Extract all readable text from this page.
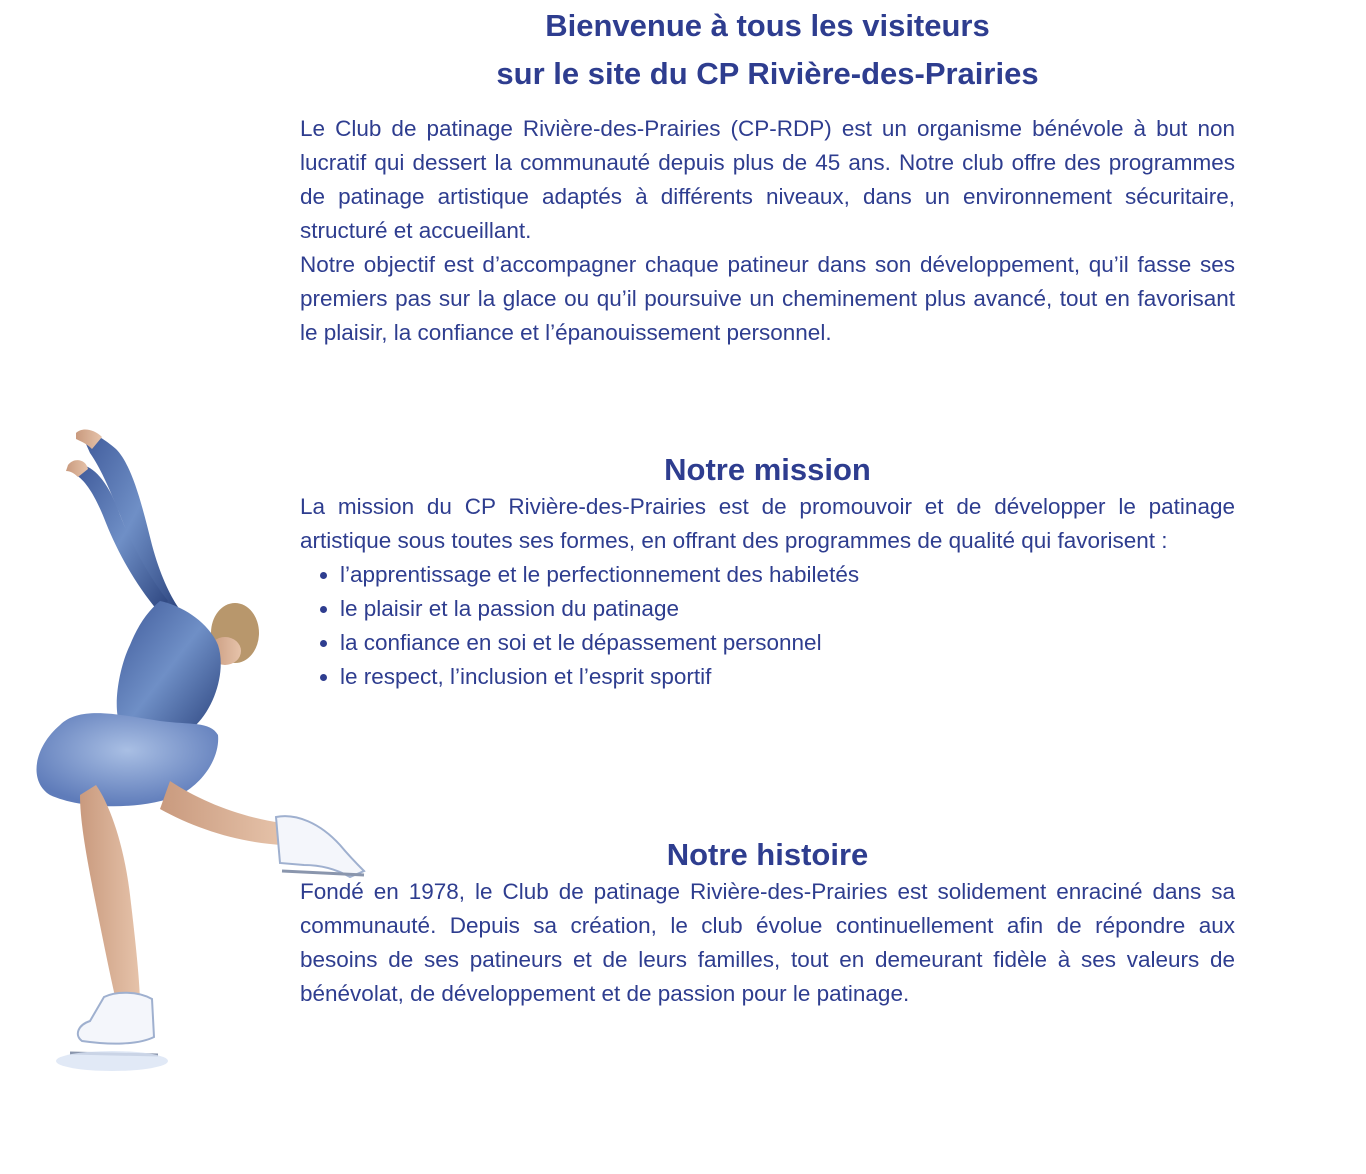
Bienvenue à tous les visiteurs
sur le site du CP Rivière-des-Prairies

Le Club de patinage Rivière-des-Prairies (CP-RDP) est un organisme bénévole à but non lucratif qui dessert la communauté depuis plus de 45 ans. Notre club offre des programmes de patinage artistique adaptés à différents niveaux, dans un environnement sécuritaire, structuré et accueillant.

Notre objectif est d’accompagner chaque patineur dans son développement, qu’il fasse ses premiers pas sur la glace ou qu’il poursuive un cheminement plus avancé, tout en favorisant le plaisir, la confiance et l’épanouissement personnel.

Notre mission

La mission du CP Rivière-des-Prairies est de promouvoir et de développer le patinage artistique sous toutes ses formes, en offrant des programmes de qualité qui favorisent :

• l’apprentissage et le perfectionnement des habiletés
• le plaisir et la passion du patinage
• la confiance en soi et le dépassement personnel
• le respect, l’inclusion et l’esprit sportif
Notre histoire

Fondé en 1978, le Club de patinage Rivière-des-Prairies est solidement enraciné dans sa communauté. Depuis sa création, le club évolue continuellement afin de répondre aux besoins de ses patineurs et de leurs familles, tout en demeurant fidèle à ses valeurs de bénévolat, de développement et de passion pour le patinage.
